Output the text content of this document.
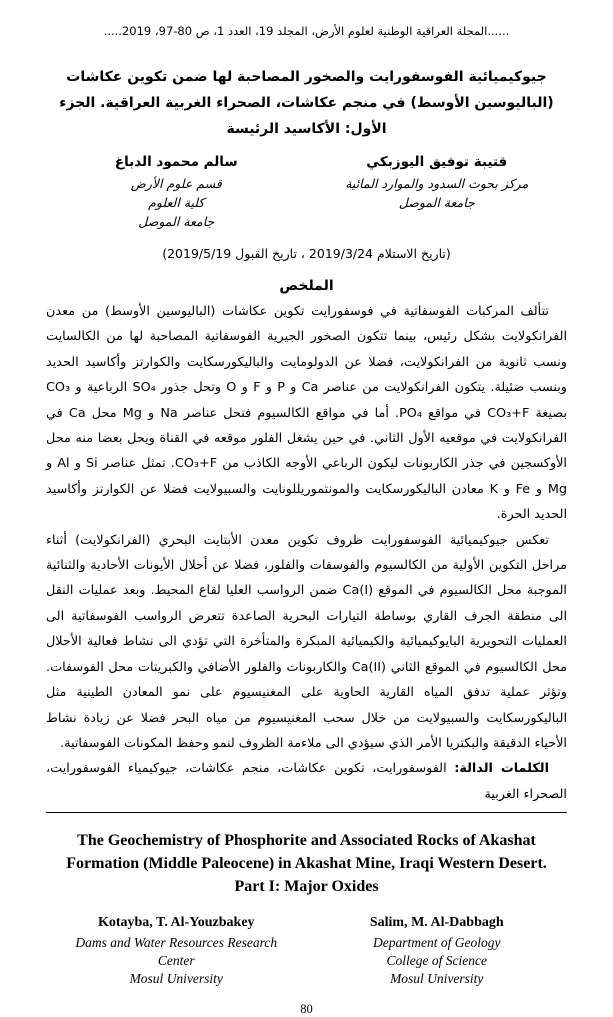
......المجلة العراقية الوطنية لعلوم الأرض، المجلد 19، العدد 1، ص 80-97، 2019.....
جيوكيميائية الفوسفورايت والصخور المصاحبة لها ضمن تكوين عكاشات (الباليوسين الأوسط) في منجم عكاشات، الصحراء الغربية العراقية. الجزء الأول: الأكاسيد الرئيسة
قتيبة توفيق اليوزبكي
مركز بحوث السدود والموارد المائية
جامعة الموصل
سالم محمود الدباغ
قسم علوم الأرض
كلية العلوم
جامعة الموصل
(تاريخ الاستلام 2019/3/24 ، تاريخ القبول 2019/5/19)
الملخص

تتألف المركبات الفوسفاتية في فوسفورايت تكوين عكاشات (الباليوسين الأوسط) من معدن الفرانكولايت بشكل رئيس، بينما تتكون الصخور الجيرية الفوسفاتية المصاحبة لها من الكالسايت ونسب ثانوية من الفرانكولايت، فضلا عن الدولومايت والباليكورسكايت والكوارتز وأكاسيد الحديد وبنسب ضئيلة. يتكون الفرانكولايت من عناصر Ca و P و F و O وتحل جذور SO₄ الرباعية و CO₃ بصيغة CO₃+F‎ في مواقع PO₄. أما في مواقع الكالسيوم فتحل عناصر Na و Mg محل Ca في الفرانكولايت في موقعيه الأول الثاني. في حين يشغل الفلور موقعه في القناة ويحل بعضا منه محل الأوكسجين في جذر الكاربونات ليكون الرباعي الأوجه الكاذب من CO₃+F‎. تمثل عناصر Si و Al و Mg و Fe و K معادن الباليكورسكايت والمونتموريللونايت والسبيولايت فضلا عن الكوارتز وأكاسيد الحديد الحرة.

تعكس جيوكيميائية الفوسفورايت ظروف تكوين معدن الأبتايت البحري (الفرانكولايت) أثناء مراحل التكوين الأولية من الكالسيوم والفوسفات والفلور، فضلا عن أحلال الأيونات الأحادية والثنائية الموجبة محل الكالسيوم في الموقع Ca(I)‎ ضمن الرواسب العليا لقاع المحيط. وبعد عمليات النقل الى منطقة الجرف القاري بوساطة التيارات البحرية الصاعدة تتعرض الرواسب الفوسفاتية الى العمليات التحويرية البايوكيميائية والكيميائية المبكرة والمتأخرة التي تؤدي الى نشاط فعالية الأحلال محل الكالسيوم في الموقع الثاني Ca(II)‎ والكاربونات والفلور الأضافي والكبريتات محل الفوسفات. وتؤثر عملية تدفق المياه القارية الحاوية على المغنيسيوم على نمو المعادن الطينية مثل الباليكورسكايت والسبيولايت من خلال سحب المغنيسيوم من مياه البحر فضلا عن زيادة نشاط الأحياء الدقيقة والبكتريا الأمر الذي سيؤدي الى ملاءمة الظروف لنمو وحفظ المكونات الفوسفاتية.

الكلمات الدالة: الفوسفورايت، تكوين عكاشات، منجم عكاشات، جيوكيمياء الفوسفورايت، الصحراء الغربية

The Geochemistry of Phosphorite and Associated Rocks of Akashat Formation (Middle Paleocene) in Akashat Mine, Iraqi Western Desert. Part I: Major Oxides
Kotayba, T. Al-Youzbakey
Dams and Water Resources Research Center
Mosul University
Salim, M. Al-Dabbagh
Department of Geology
College of Science
Mosul University
80
